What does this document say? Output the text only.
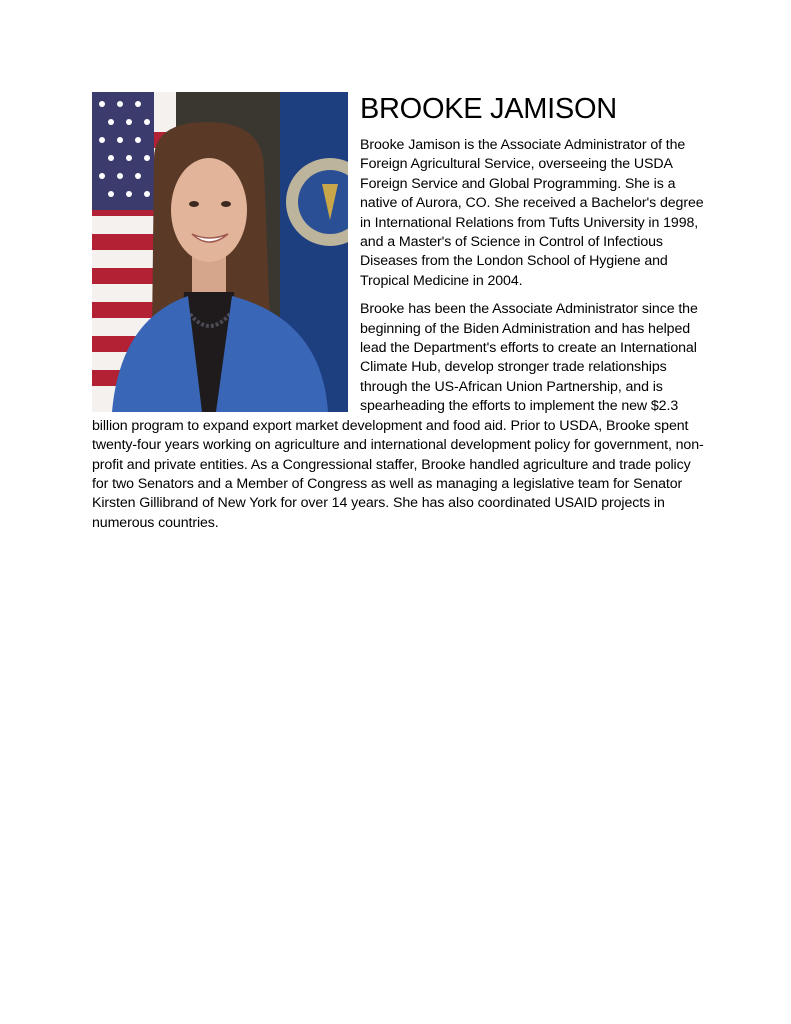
BROOKE JAMISON

Brooke Jamison is the Associate Administrator of the Foreign Agricultural Service, overseeing the USDA Foreign Service and Global Programming. She is a native of Aurora, CO. She received a Bachelor's degree in International Relations from Tufts University in 1998, and a Master's of Science in Control of Infectious Diseases from the London School of Hygiene and Tropical Medicine in 2004.

Brooke has been the Associate Administrator since the beginning of the Biden Administration and has helped lead the Department's efforts to create an International Climate Hub, develop stronger trade relationships through the US-African Union Partnership, and is spearheading the efforts to implement the new $2.3 billion program to expand export market development and food aid. Prior to USDA, Brooke spent twenty-four years working on agriculture and international development policy for government, non-profit and private entities. As a Congressional staffer, Brooke handled agriculture and trade policy for two Senators and a Member of Congress as well as managing a legislative team for Senator Kirsten Gillibrand of New York for over 14 years. She has also coordinated USAID projects in numerous countries.
